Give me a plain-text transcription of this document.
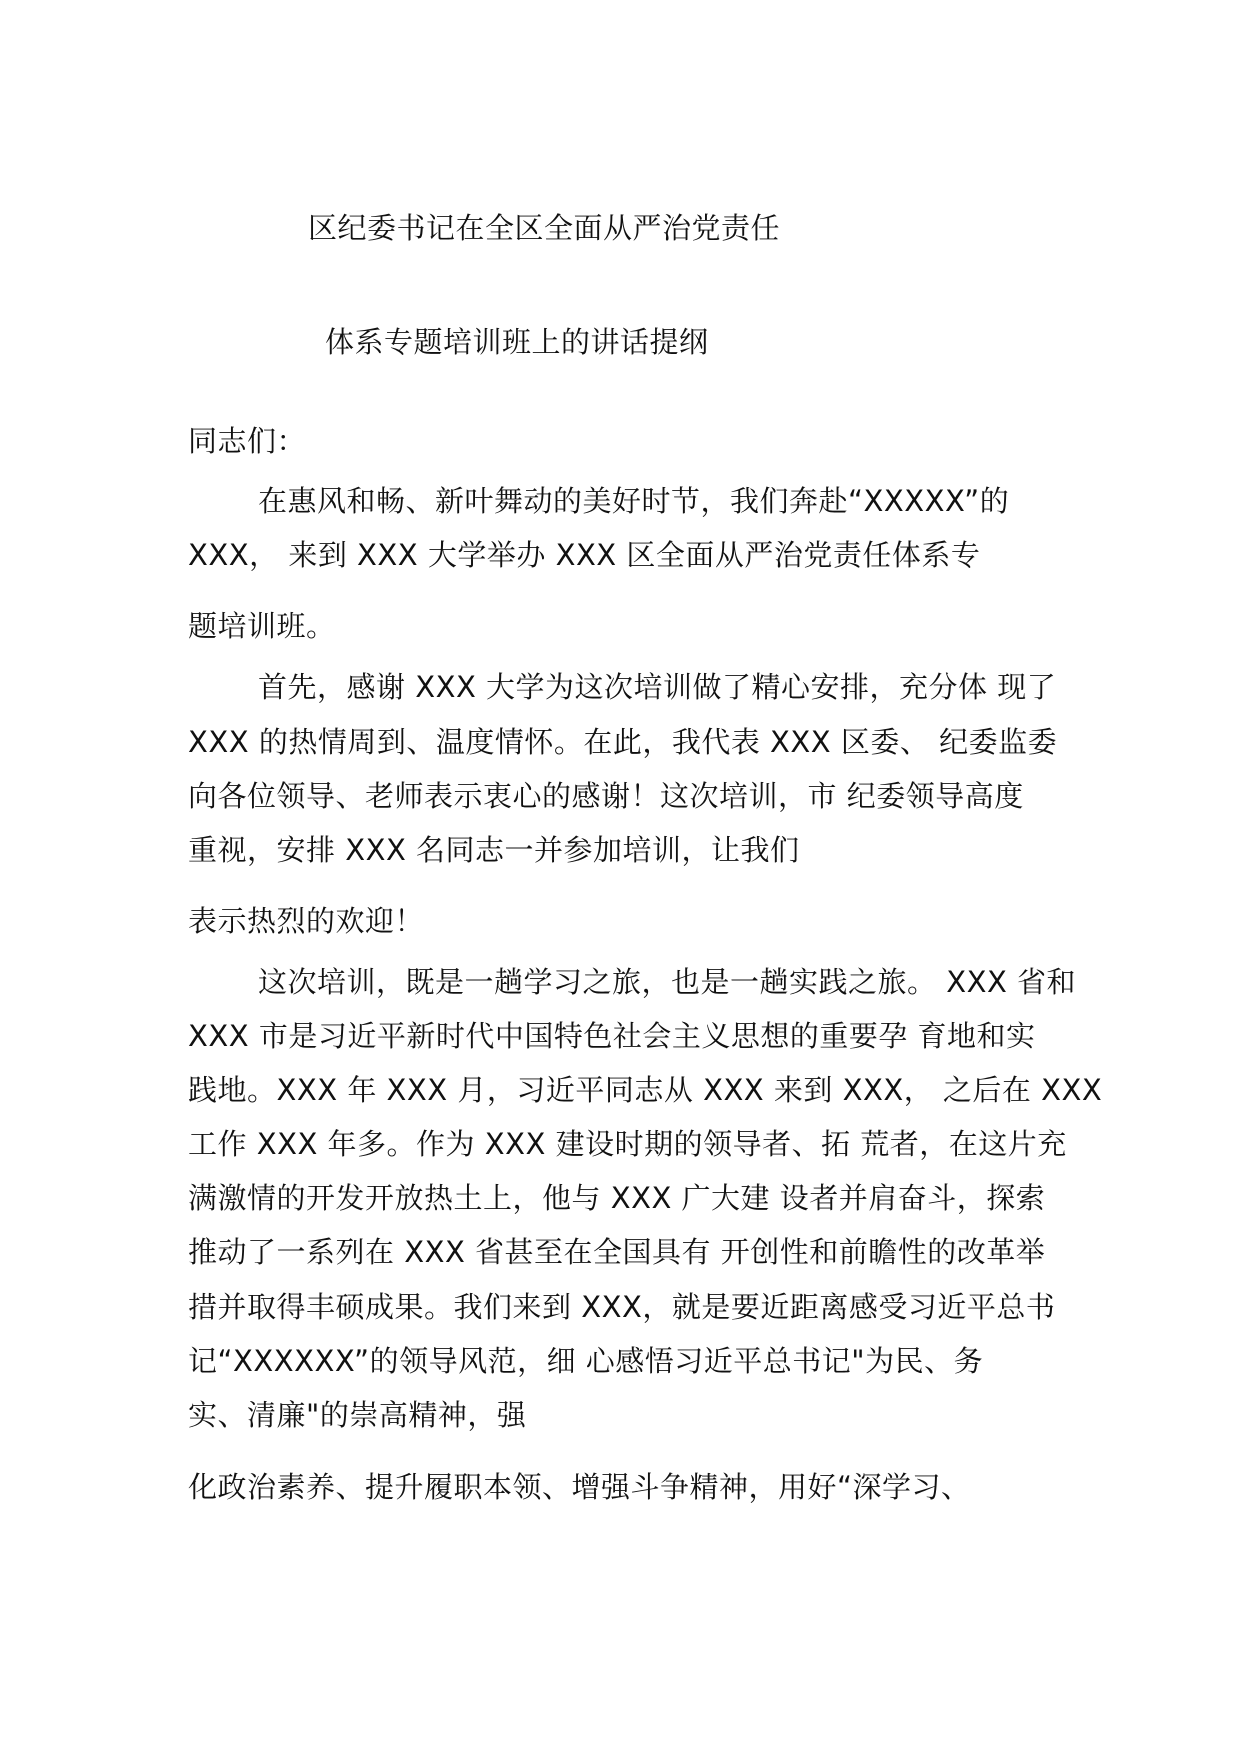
区纪委书记在全区全面从严治党责任
体系专题培训班上的讲话提纲
同志们：
在惠风和畅、新叶舞动的美好时节，我们奔赴“XXXXX”的
XXX， 来到 XXX 大学举办 XXX 区全面从严治党责任体系专
题培训班。
首先，感谢 XXX 大学为这次培训做了精心安排，充分体 现了
XXX 的热情周到、温度情怀。在此，我代表 XXX 区委、 纪委监委
向各位领导、老师表示衷心的感谢！这次培训，市 纪委领导高度
重视，安排 XXX 名同志一并参加培训，让我们
表示热烈的欢迎！
这次培训，既是一趟学习之旅，也是一趟实践之旅。 XXX 省和
XXX 市是习近平新时代中国特色社会主义思想的重要孕 育地和实
践地。XXX 年 XXX 月，习近平同志从 XXX 来到 XXX， 之后在 XXX
工作 XXX 年多。作为 XXX 建设时期的领导者、拓 荒者，在这片充
满激情的开发开放热土上，他与 XXX 广大建 设者并肩奋斗，探索
推动了一系列在 XXX 省甚至在全国具有 开创性和前瞻性的改革举
措并取得丰硕成果。我们来到 XXX，就是要近距离感受习近平总书
记“XXXXXX”的领导风范，细 心感悟习近平总书记"为民、务
实、清廉"的崇高精神，强
化政治素养、提升履职本领、增强斗争精神，用好“深学习、
